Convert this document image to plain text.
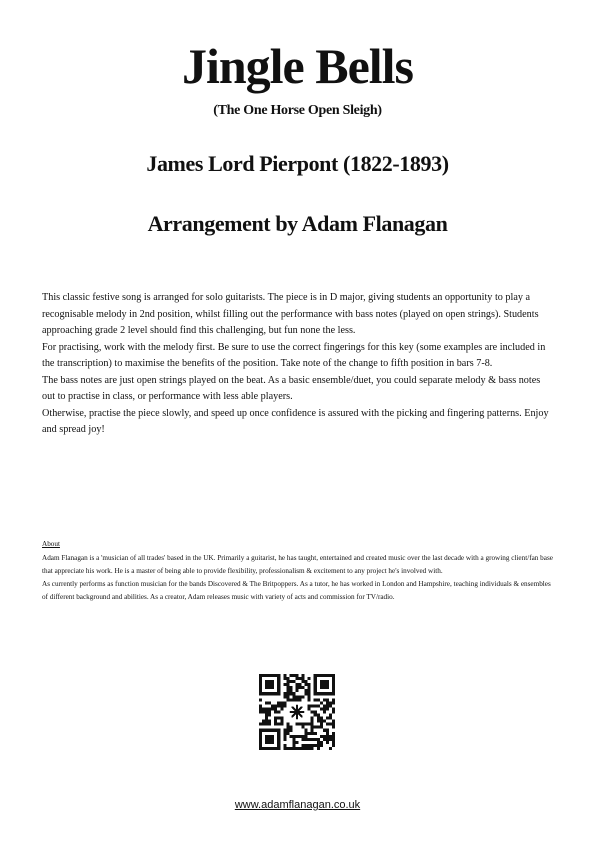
Jingle Bells
(The One Horse Open Sleigh)
James Lord Pierpont (1822-1893)
Arrangement by Adam Flanagan

This classic festive song is arranged for solo guitarists. The piece is in D major, giving students an opportunity to play a recognisable melody in 2nd position, whilst filling out the performance with bass notes (played on open strings). Students approaching grade 2 level should find this challenging, but fun none the less.

For practising, work with the melody first. Be sure to use the correct fingerings for this key (some examples are included in the transcription) to maximise the benefits of the position. Take note of the change to fifth position in bars 7-8.

The bass notes are just open strings played on the beat. As a basic ensemble/duet, you could separate melody & bass notes out to practise in class, or performance with less able players.

Otherwise, practise the piece slowly, and speed up once confidence is assured with the picking and fingering patterns. Enjoy and spread joy!

About

Adam Flanagan is a 'musician of all trades' based in the UK. Primarily a guitarist, he has taught, entertained and created music over the last decade with a growing client/fan base that appreciate his work. He is a master of being able to provide flexibility, professionalism & excitement to any project he's involved with.

As currently performs as function musician for the bands Discovered & The Britpoppers. As a tutor, he has worked in London and Hampshire, teaching individuals & ensembles of different background and abilities. As a creator, Adam releases music with variety of acts and commission for TV/radio.

www.adamflanagan.co.uk
